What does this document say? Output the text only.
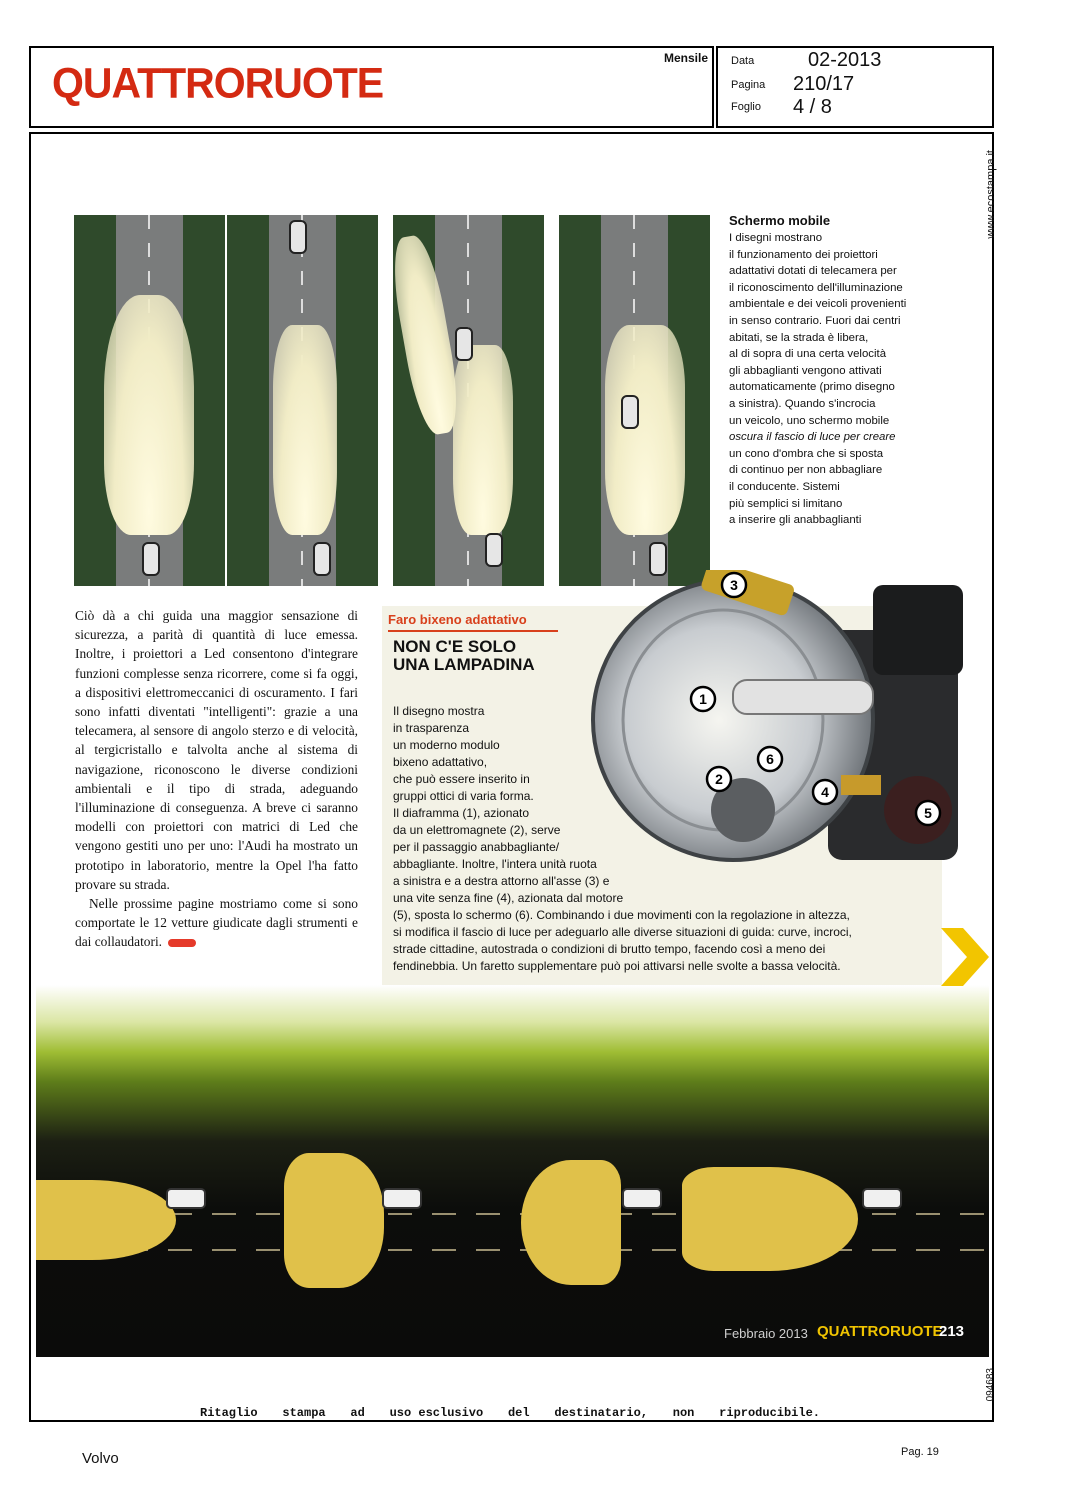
QUATTRORUOTE
Mensile Data	02-2013
Pagina 210/17
Foglio 4 / 8
www.ecostampa.it
094683
Schermo mobile
I disegni mostrano
il funzionamento dei proiettori
adattativi dotati di telecamera per
il riconoscimento dell'illuminazione
ambientale e dei veicoli provenienti
in senso contrario. Fuori dai centri
abitati, se la strada è libera,
al di sopra di una certa velocità
gli abbaglianti vengono attivati
automaticamente (primo disegno
a sinistra). Quando s'incrocia
un veicolo, uno schermo mobile
oscura il fascio di luce per creare
un cono d'ombra che si sposta
di continuo per non abbagliare
il conducente. Sistemi
più semplici si limitano
a inserire gli anabbaglianti

Ciò dà a chi guida una maggior sensazione di sicurezza, a parità di quantità di luce emessa. Inoltre, i proiettori a Led consentono d'integrare funzioni complesse senza ricorrere, come si fa oggi, a dispositivi elettromeccanici di oscuramento. I fari sono infatti diventati "intelligenti": grazie a una telecamera, al sensore di angolo sterzo e di velocità, al tergicristallo e talvolta anche al sistema di navigazione, riconoscono le diverse condizioni ambientali e il tipo di strada, adeguando l'illuminazione di conseguenza. A breve ci saranno modelli con proiettori con matrici di Led che vengono gestiti uno per uno: l'Audi ha mostrato un prototipo in laboratorio, mentre la Opel l'ha fatto provare su strada.

Nelle prossime pagine mostriamo come si sono comportate le 12 vetture giudicate dagli strumenti e dai collaudatori.

Faro bixeno adattativo
NON C'E SOLO
UNA LAMPADINA
Il disegno mostra
in trasparenza
un moderno modulo
bixeno adattativo,
che può essere inserito in
gruppi ottici di varia forma.
Il diaframma (1), azionato
da un elettromagnete (2), serve
per il passaggio anabbagliante/
abbagliante. Inoltre, l'intera unità ruota
a sinistra e a destra attorno all'asse (3) e
una vite senza fine (4), azionata dal motore
(5), sposta lo schermo (6). Combinando i due movimenti con la regolazione in altezza,
si modifica il fascio di luce per adeguarlo alle diverse situazioni di guida: curve, incroci,
strade cittadine, autostrada o condizioni di brutto tempo, facendo così a meno dei
fendinebbia. Un faretto supplementare può poi attivarsi nelle svolte a bassa velocità.
1
2
3
4
5
6
Febbraio 2013 QUATTRORUOTE
213
Ritaglio stampa ad uso esclusivo del destinatario, non riproducibile.
Volvo	Pag. 19
